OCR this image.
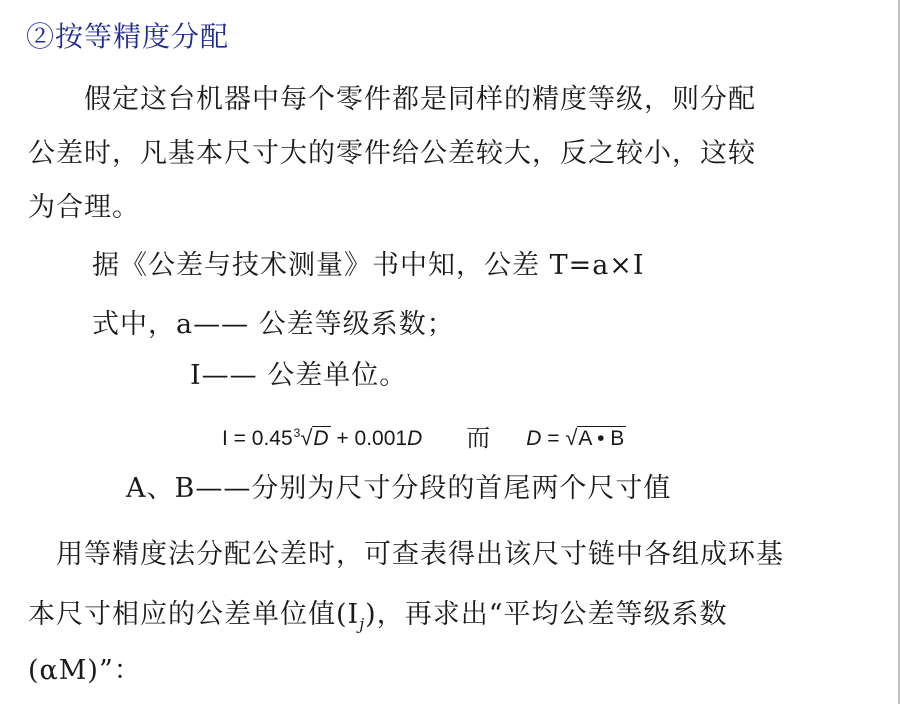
②按等精度分配
　　假定这台机器中每个零件都是同样的精度等级，则分配
公差时，凡基本尺寸大的零件给公差较大，反之较小，这较
为合理。
据《公差与技术测量》书中知，公差 T=a×I
式中，a—— 公差等级系数；
I—— 公差单位。
$I = 0.45^3√D + 0.001D$ 而 D = √A • B
A、B——分别为尺寸分段的首尾两个尺寸值
　用等精度法分配公差时，可查表得出该尺寸链中各组成环基
本尺寸相应的公差单位值$(I_j)$，再求出“平均公差等级系数
(αM)”：
